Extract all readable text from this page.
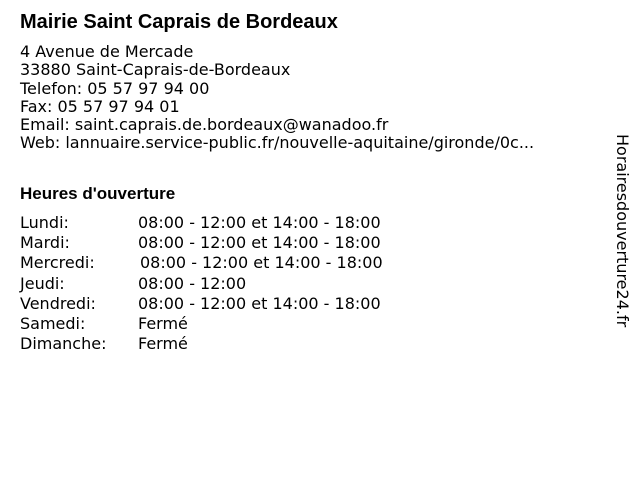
Mairie Saint Caprais de Bordeaux
4 Avenue de Mercade
33880 Saint-Caprais-de-Bordeaux
Telefon: 05 57 97 94 00
Fax: 05 57 97 94 01
Email: saint.caprais.de.bordeaux@wanadoo.fr
Web: lannuaire.service-public.fr/nouvelle-aquitaine/gironde/0c...
Heures d'ouverture
Lundi:	08:00 - 12:00 et 14:00 - 18:00
Mardi:	08:00 - 12:00 et 14:00 - 18:00
Mercredi:	08:00 - 12:00 et 14:00 - 18:00
Jeudi:	08:00 - 12:00
Vendredi:	08:00 - 12:00 et 14:00 - 18:00
Samedi:	Fermé
Dimanche: Fermé
Horairesdouverture24.fr
